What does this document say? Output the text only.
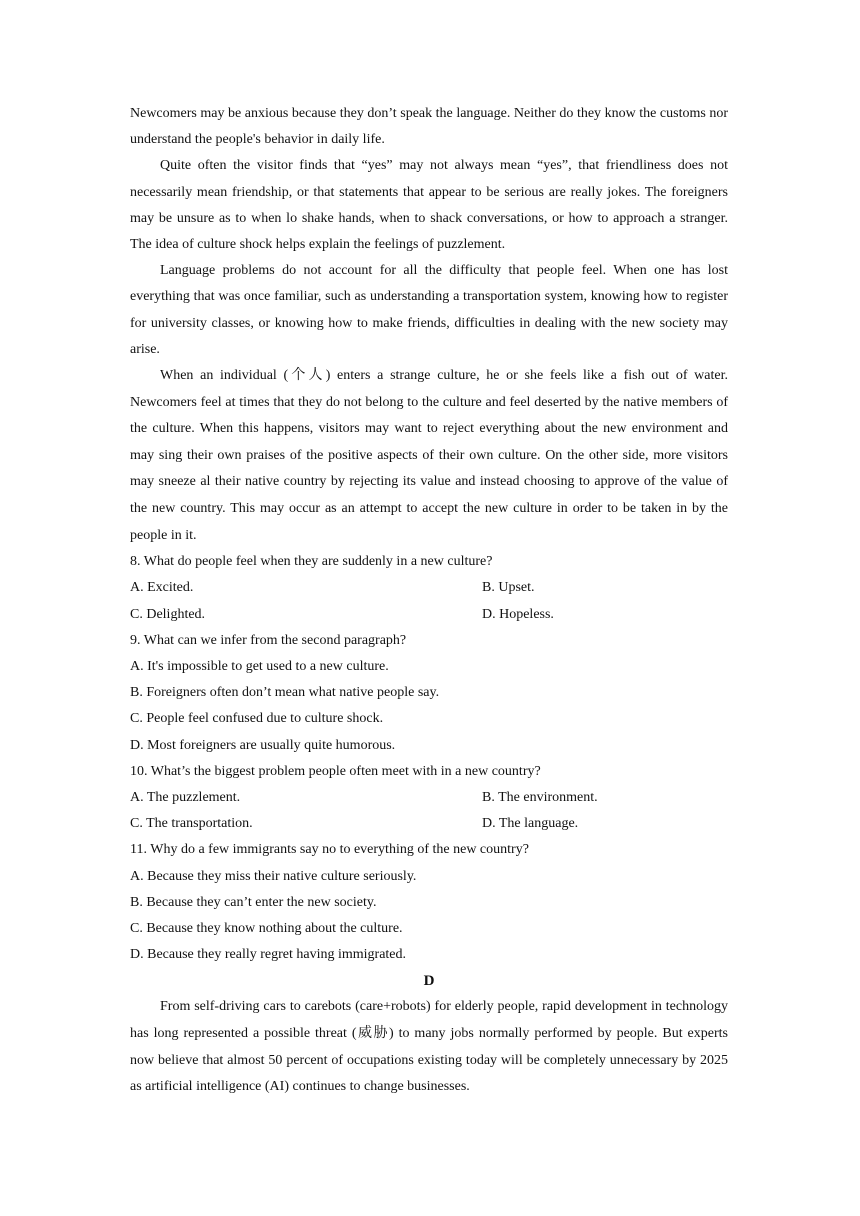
Newcomers may be anxious because they don’t speak the language. Neither do they know the customs nor understand the people's behavior in daily life.

Quite often the visitor finds that “yes” may not always mean “yes”, that friendliness does not necessarily mean friendship, or that statements that appear to be serious are really jokes. The foreigners may be unsure as to when lo shake hands, when to shack conversations, or how to approach a stranger. The idea of culture shock helps explain the feelings of puzzlement.

Language problems do not account for all the difficulty that people feel. When one has lost everything that was once familiar, such as understanding a transportation system, knowing how to register for university classes, or knowing how to make friends, difficulties in dealing with the new society may arise.

When an individual (个人) enters a strange culture, he or she feels like a fish out of water. Newcomers feel at times that they do not belong to the culture and feel deserted by the native members of the culture. When this happens, visitors may want to reject everything about the new environment and may sing their own praises of the positive aspects of their own culture. On the other side, more visitors may sneeze al their native country by rejecting its value and instead choosing to approve of the value of the new country. This may occur as an attempt to accept the new culture in order to be taken in by the people in it.

8. What do people feel when they are suddenly in a new culture?

A. Excited.	B. Upset.
C. Delighted.	D. Hopeless.

9. What can we infer from the second paragraph?

A. It's impossible to get used to a new culture.

B. Foreigners often don’t mean what native people say.

C. People feel confused due to culture shock.

D. Most foreigners are usually quite humorous.

10. What’s the biggest problem people often meet with in a new country?

A. The puzzlement.	B. The environment.
C. The transportation.	D. The language.

11. Why do a few immigrants say no to everything of the new country?

A. Because they miss their native culture seriously.

B. Because they can’t enter the new society.

C. Because they know nothing about the culture.

D. Because they really regret having immigrated.

D

From self-driving cars to carebots (care+robots) for elderly people, rapid development in technology has long represented a possible threat (威胁) to many jobs normally performed by people. But experts now believe that almost 50 percent of occupations existing today will be completely unnecessary by 2025 as artificial intelligence (AI) continues to change businesses.
